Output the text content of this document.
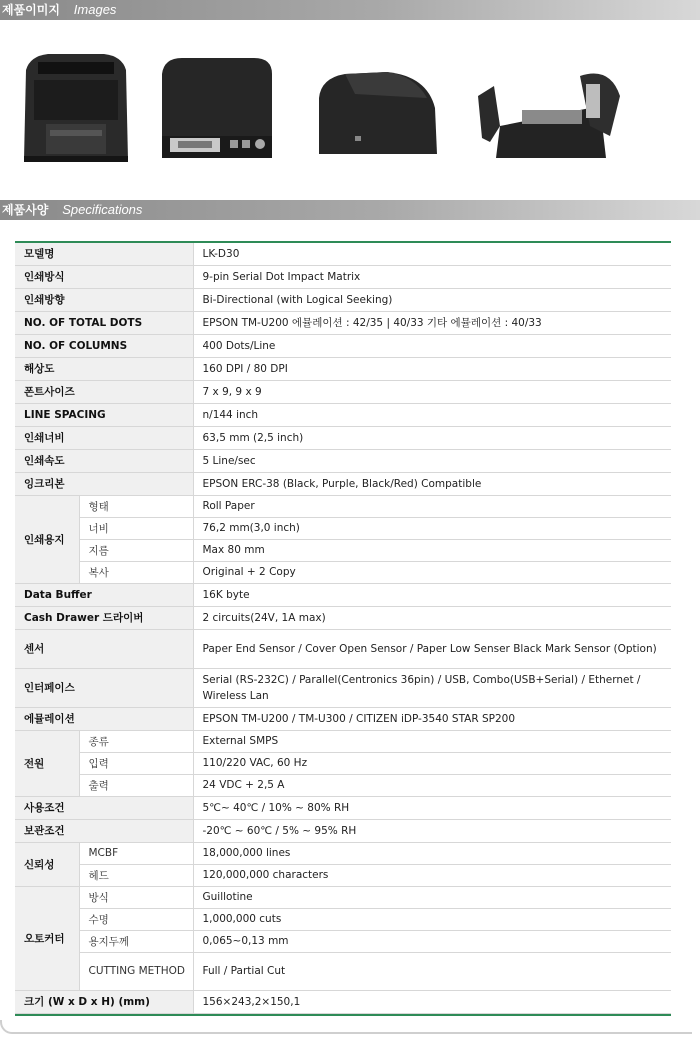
제품이미지 Images
제품사양 Specifications
모델명		LK-D30
인쇄방식		9-pin Serial Dot Impact Matrix
인쇄방향		Bi-Directional (with Logical Seeking)
NO. OF TOTAL DOTS		EPSON TM-U200 에뮬레이션 : 42/35 | 40/33 기타 에뮬레이션 : 40/33
NO. OF COLUMNS		400 Dots/Line
해상도		160 DPI / 80 DPI
폰트사이즈		7 x 9, 9 x 9
LINE SPACING		n/144 inch
인쇄너비		63,5 mm (2,5 inch)
인쇄속도		5 Line/sec
잉크리본		EPSON ERC-38 (Black, Purple, Black/Red) Compatible
인쇄용지	형태	Roll Paper
	너비	76,2 mm(3,0 inch)
	지름	Max 80 mm
	복사	Original + 2 Copy
Data Buffer		16K byte
Cash Drawer 드라이버		2 circuits(24V, 1A max)
센서		Paper End Sensor / Cover Open Sensor / Paper Low Senser Black Mark Sensor (Option)
인터페이스		Serial (RS-232C) / Parallel(Centronics 36pin) / USB, Combo(USB+Serial) / Ethernet / Wireless Lan
에뮬레이션		EPSON TM-U200 / TM-U300 / CITIZEN iDP-3540 STAR SP200
전원	종류	External SMPS
	입력	110/220 VAC, 60 Hz
	출력	24 VDC + 2,5 A
사용조건		5℃~ 40℃ / 10% ~ 80% RH
보관조건		-20℃ ~ 60℃ / 5% ~ 95% RH
신뢰성	MCBF	18,000,000 lines
	헤드	120,000,000 characters
오토커터	방식	Guillotine
	수명	1,000,000 cuts
	용지두께	0,065~0,13 mm
	CUTTING METHOD	Full / Partial Cut
크기 (W x D x H) (mm)		156×243,2×150,1
